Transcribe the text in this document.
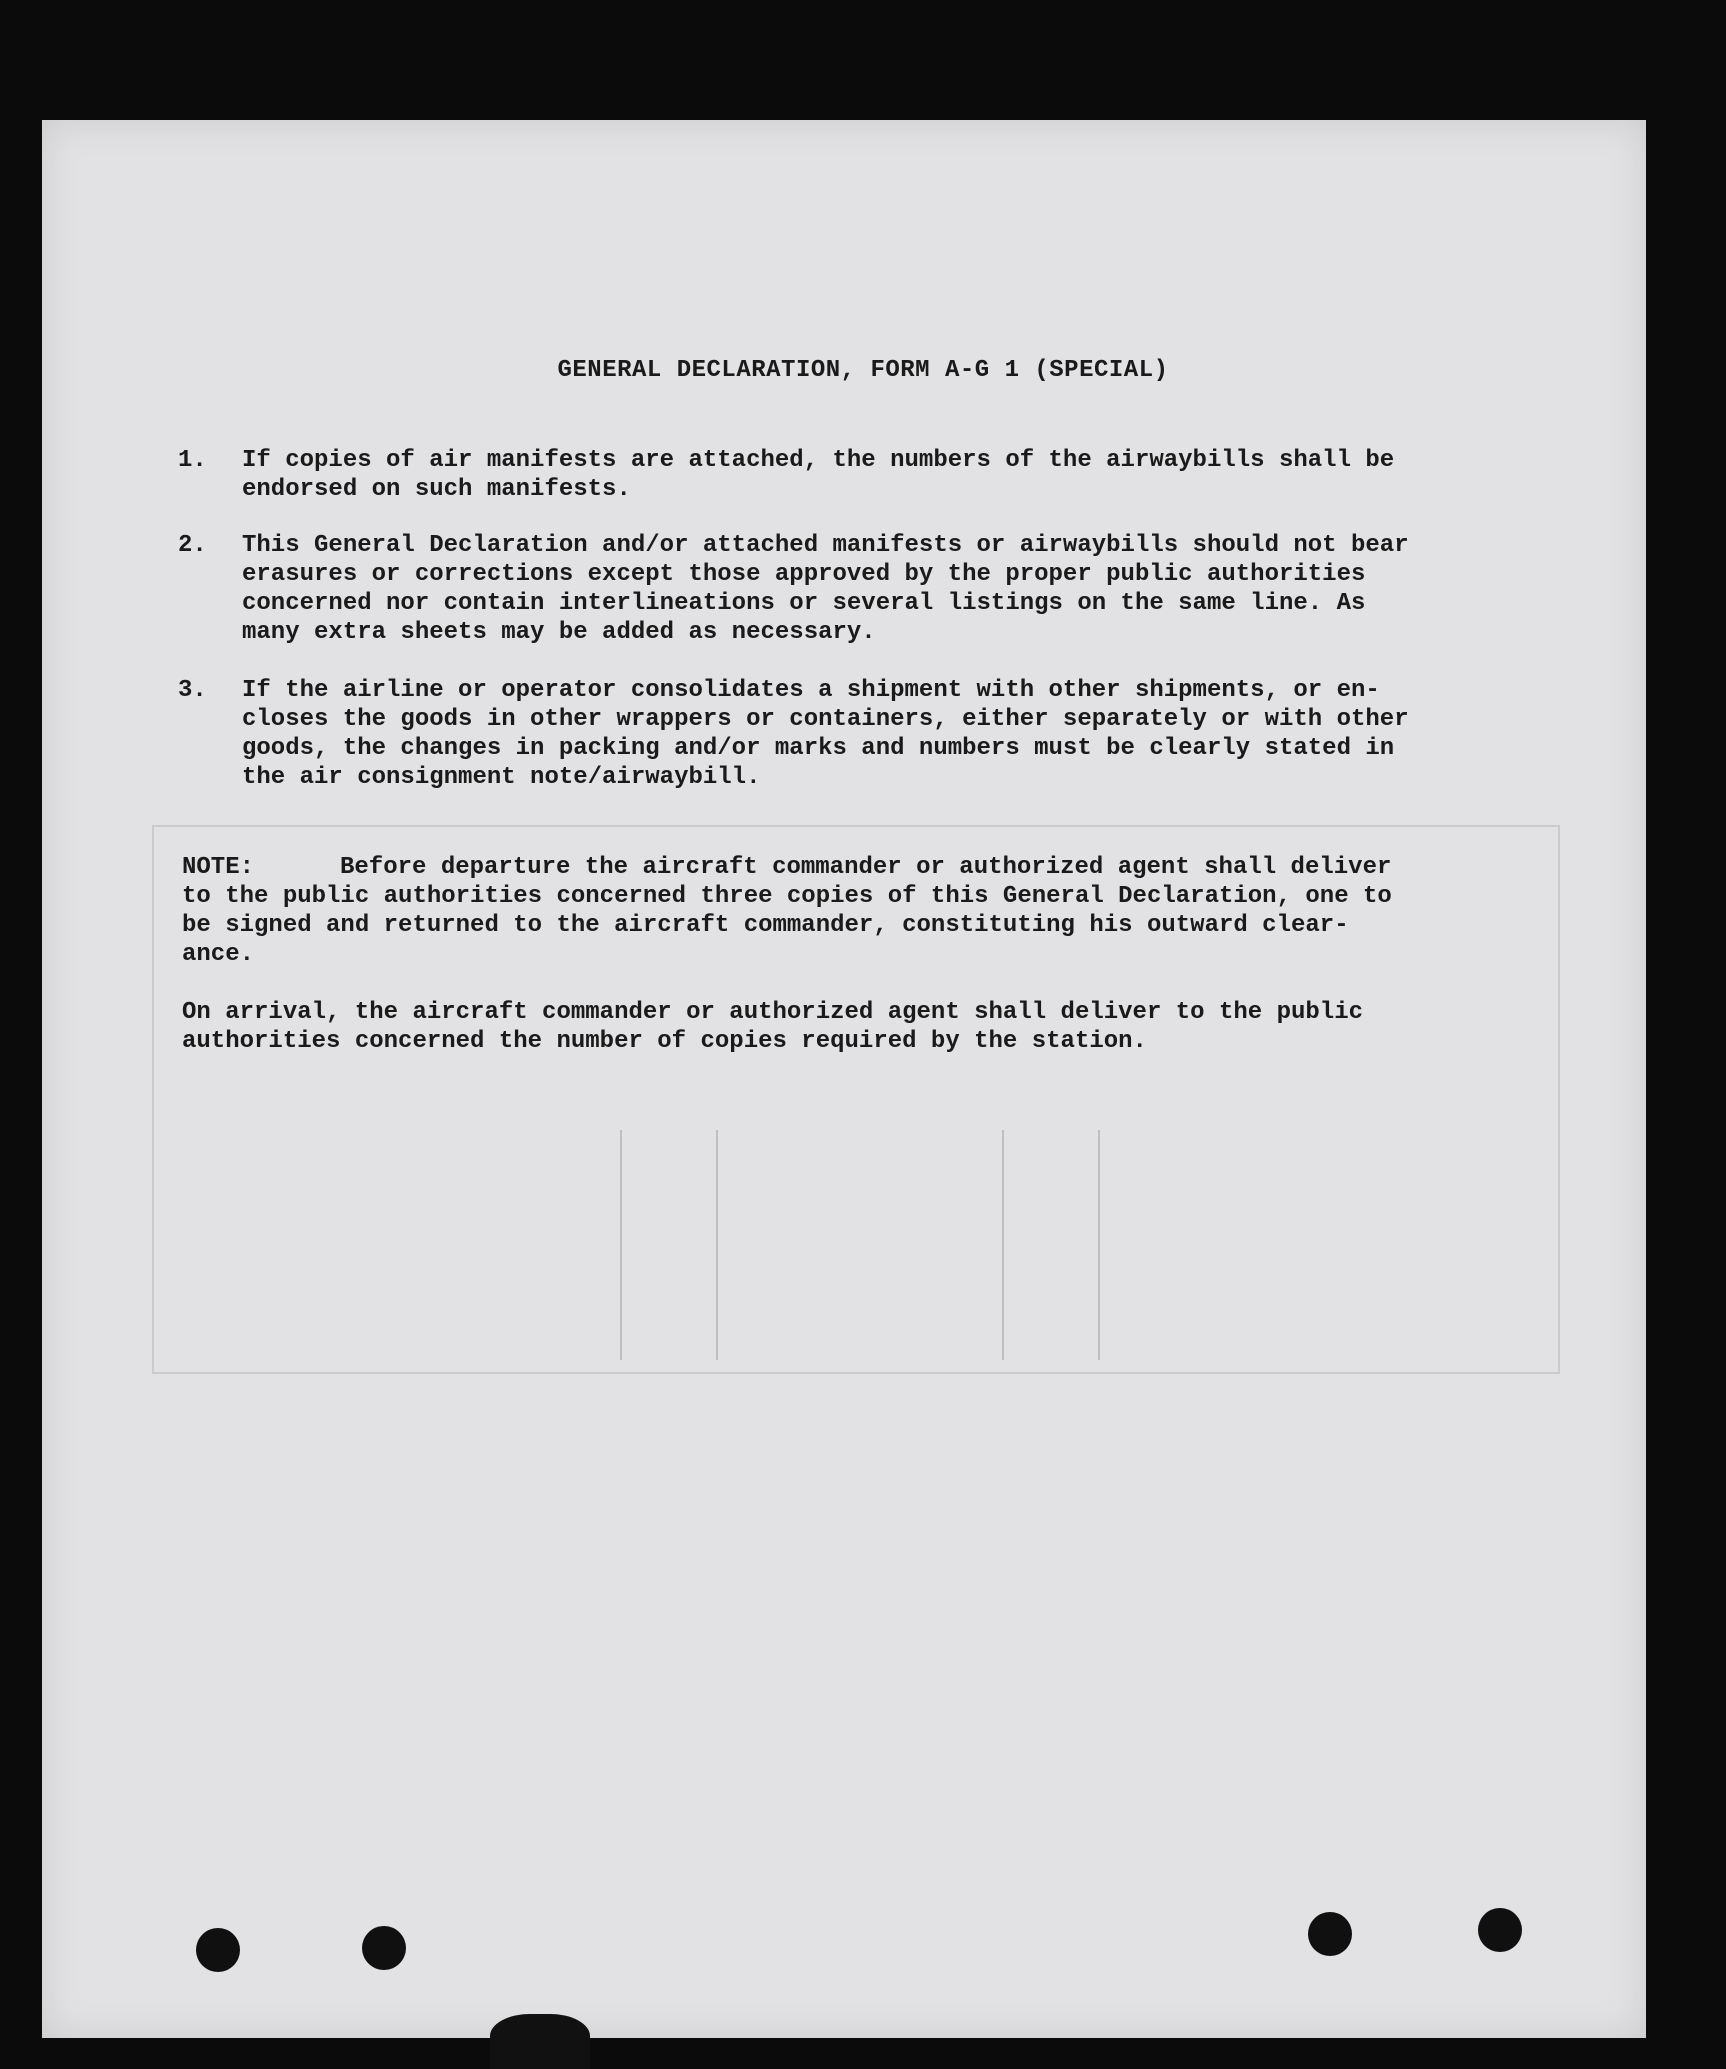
GENERAL DECLARATION, FORM A-G 1 (SPECIAL)
1.	If copies of air manifests are attached, the numbers of the airwaybills shall be
endorsed on such manifests.
2.	This General Declaration and/or attached manifests or airwaybills should not bear
erasures or corrections except those approved by the proper public authorities
concerned nor contain interlineations or several listings on the same line. As
many extra sheets may be added as necessary.
3.	If the airline or operator consolidates a shipment with other shipments, or en-
closes the goods in other wrappers or containers, either separately or with other
goods, the changes in packing and/or marks and numbers must be clearly stated in
the air consignment note/airwaybill.
NOTE:	Before departure the aircraft commander or authorized agent shall deliver
to the public authorities concerned three copies of this General Declaration, one to
be signed and returned to the aircraft commander, constituting his outward clear-
ance.
On arrival, the aircraft commander or authorized agent shall deliver to the public
authorities concerned the number of copies required by the station.
